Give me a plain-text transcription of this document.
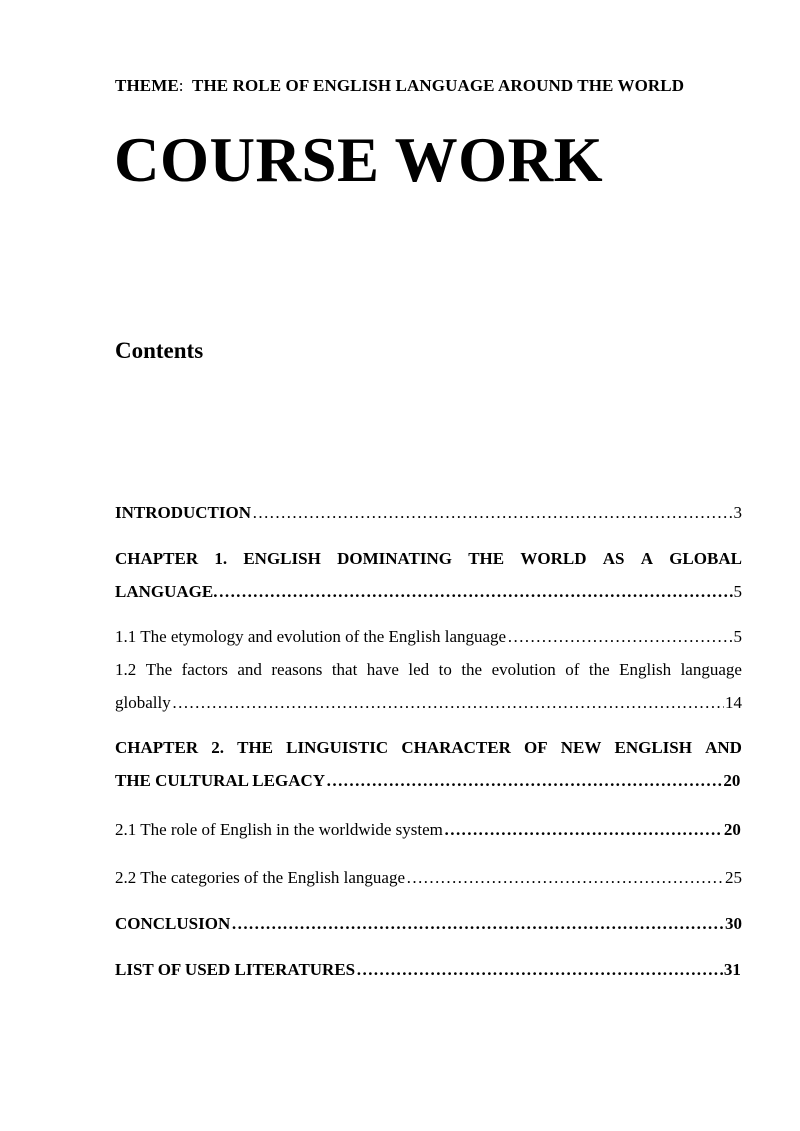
THEME: THE ROLE OF ENGLISH LANGUAGE AROUND THE WORLD
COURSE WORK
Contents
INTRODUCTION ……………………………………………………………………………………………………………………………………………………	3
CHAPTER 1. ENGLISH DOMINATING THE WORLD AS A GLOBAL
LANGUAGE. ……………………………………………………………………………………………………………………………………………………	5
1.1 The etymology and evolution of the English language ……………………………………………………………………………………………………………………………………………………	5
1.2 The factors and reasons that have led to the evolution of the English language
globally ……………………………………………………………………………………………………………………………………………………	14
CHAPTER 2. THE LINGUISTIC CHARACTER OF NEW ENGLISH AND
THE CULTURAL LEGACY ……………………………………………………………………………………………………………………………………………………	20
2.1 The role of English in the worldwide system ……………………………………………………………………………………………………………………………………………………	20
2.2 The categories of the English language ……………………………………………………………………………………………………………………………………………………	25
CONCLUSION ……………………………………………………………………………………………………………………………………………………	30
LIST OF USED LITERATURES ……………………………………………………………………………………………………………………………………………………	31
